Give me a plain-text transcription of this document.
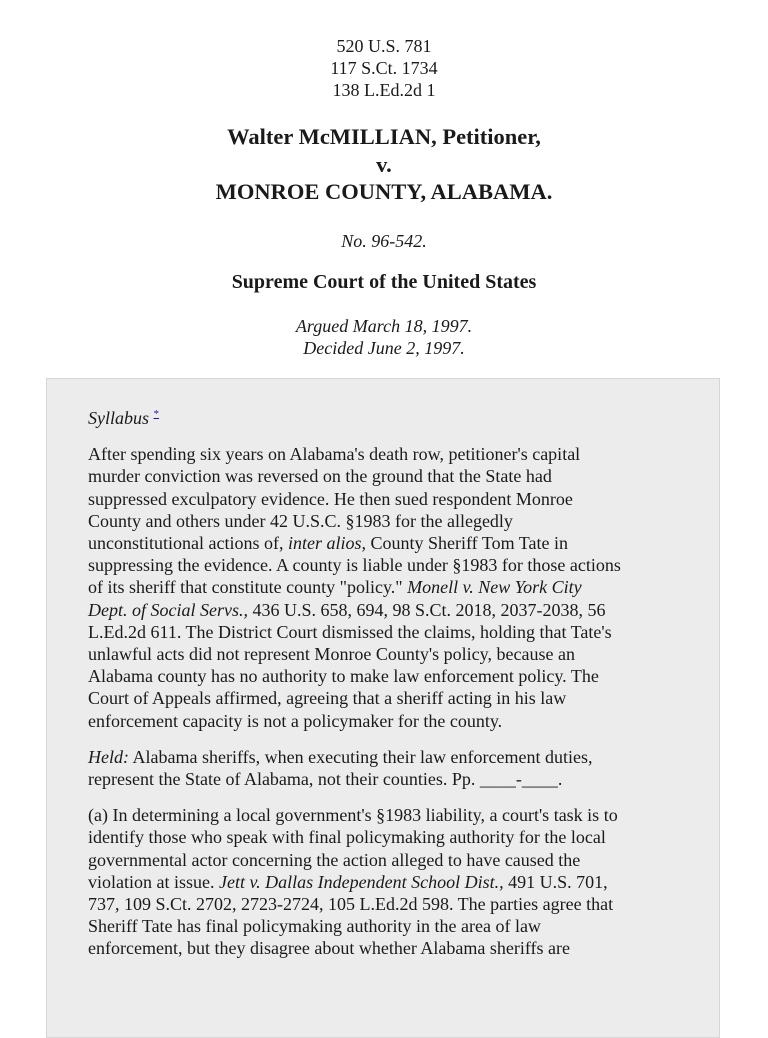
520 U.S. 781
117 S.Ct. 1734
138 L.Ed.2d 1
Walter McMILLIAN, Petitioner,
v.
MONROE COUNTY, ALABAMA.
No. 96-542.
Supreme Court of the United States
Argued March 18, 1997.
Decided June 2, 1997.

Syllabus *

After spending six years on Alabama's death row, petitioner's capital
murder conviction was reversed on the ground that the State had
suppressed exculpatory evidence. He then sued respondent Monroe
County and others under 42 U.S.C. §1983 for the allegedly
unconstitutional actions of, inter alios, County Sheriff Tom Tate in
suppressing the evidence. A county is liable under §1983 for those actions
of its sheriff that constitute county "policy." Monell v. New York City
Dept. of Social Servs., 436 U.S. 658, 694, 98 S.Ct. 2018, 2037-2038, 56
L.Ed.2d 611. The District Court dismissed the claims, holding that Tate's
unlawful acts did not represent Monroe County's policy, because an
Alabama county has no authority to make law enforcement policy. The
Court of Appeals affirmed, agreeing that a sheriff acting in his law
enforcement capacity is not a policymaker for the county.

Held: Alabama sheriffs, when executing their law enforcement duties,
represent the State of Alabama, not their counties. Pp. ____-____.

(a) In determining a local government's §1983 liability, a court's task is to
identify those who speak with final policymaking authority for the local
governmental actor concerning the action alleged to have caused the
violation at issue. Jett v. Dallas Independent School Dist., 491 U.S. 701,
737, 109 S.Ct. 2702, 2723-2724, 105 L.Ed.2d 598. The parties agree that
Sheriff Tate has final policymaking authority in the area of law
enforcement, but they disagree about whether Alabama sheriffs are
